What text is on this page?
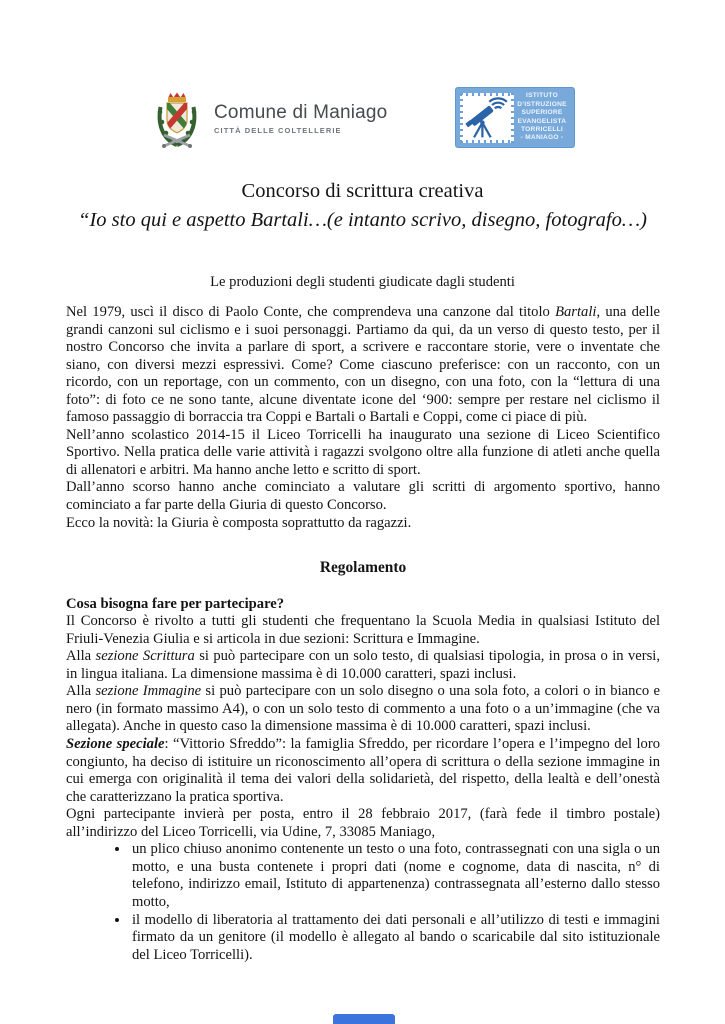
Comune di Maniago
CITTÀ DELLE COLTELLERIE
ISTITUTO
D’ISTRUZIONE
SUPERIORE
EVANGELISTA
TORRICELLI
- MANIAGO -
Concorso di scrittura creativa
“Io sto qui e aspetto Bartali…(e intanto scrivo, disegno, fotografo…)
Le produzioni degli studenti giudicate dagli studenti

Nel 1979, uscì il disco di Paolo Conte, che comprendeva una canzone dal titolo Bartali, una delle grandi canzoni sul ciclismo e i suoi personaggi. Partiamo da qui, da un verso di questo testo, per il nostro Concorso che invita a parlare di sport, a scrivere e raccontare storie, vere o inventate che siano, con diversi mezzi espressivi. Come? Come ciascuno preferisce: con un racconto, con un ricordo, con un reportage, con un commento, con un disegno, con una foto, con la “lettura di una foto”: di foto ce ne sono tante, alcune diventate icone del ‘900: sempre per restare nel ciclismo il famoso passaggio di borraccia tra Coppi e Bartali o Bartali e Coppi, come ci piace di più.

Nell’anno scolastico 2014-15 il Liceo Torricelli ha inaugurato una sezione di Liceo Scientifico Sportivo. Nella pratica delle varie attività i ragazzi svolgono oltre alla funzione di atleti anche quella di allenatori e arbitri. Ma hanno anche letto e scritto di sport.

Dall’anno scorso hanno anche cominciato a valutare gli scritti di argomento sportivo, hanno cominciato a far parte della Giuria di questo Concorso.

Ecco la novità: la Giuria è composta soprattutto da ragazzi.

Regolamento

Cosa bisogna fare per partecipare?

Il Concorso è rivolto a tutti gli studenti che frequentano la Scuola Media in qualsiasi Istituto del Friuli-Venezia Giulia e si articola in due sezioni: Scrittura e Immagine.

Alla sezione Scrittura si può partecipare con un solo testo, di qualsiasi tipologia, in prosa o in versi, in lingua italiana. La dimensione massima è di 10.000 caratteri, spazi inclusi.

Alla sezione Immagine si può partecipare con un solo disegno o una sola foto, a colori o in bianco e nero (in formato massimo A4), o con un solo testo di commento a una foto o a un’immagine (che va allegata). Anche in questo caso la dimensione massima è di 10.000 caratteri, spazi inclusi.

Sezione speciale: “Vittorio Sfreddo”: la famiglia Sfreddo, per ricordare l’opera e l’impegno del loro congiunto, ha deciso di istituire un riconoscimento all’opera di scrittura o della sezione immagine in cui emerga con originalità il tema dei valori della solidarietà, del rispetto, della lealtà e dell’onestà che caratterizzano la pratica sportiva.

Ogni partecipante invierà per posta, entro il 28 febbraio 2017, (farà fede il timbro postale) all’indirizzo del Liceo Torricelli, via Udine, 7, 33085 Maniago,

• un plico chiuso anonimo contenente un testo o una foto, contrassegnati con una sigla o un motto, e una busta contenete i propri dati (nome e cognome, data di nascita, n° di telefono, indirizzo email, Istituto di appartenenza) contrassegnata all’esterno dallo stesso motto,
• il modello di liberatoria al trattamento dei dati personali e all’utilizzo di testi e immagini firmato da un genitore (il modello è allegato al bando o scaricabile dal sito istituzionale del Liceo Torricelli).
